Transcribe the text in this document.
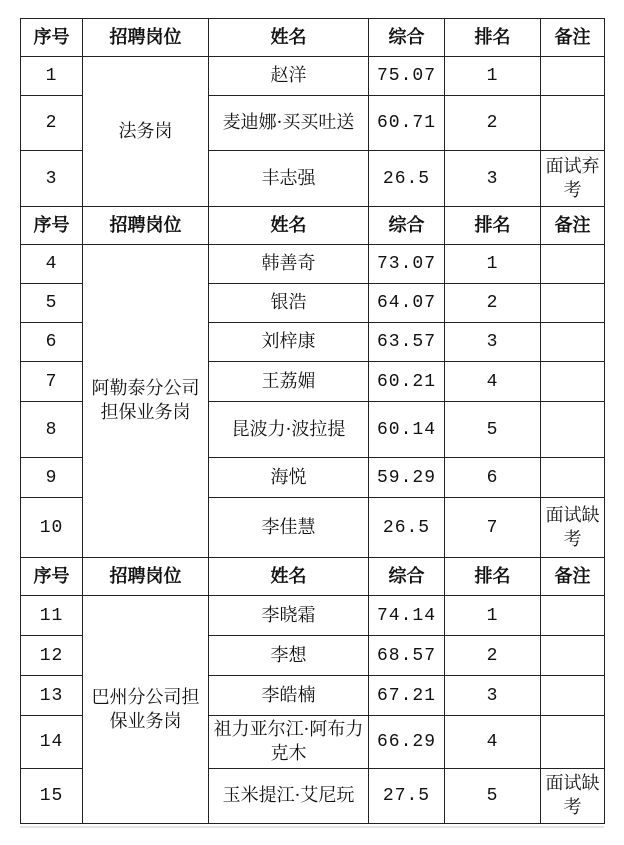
序号	招聘岗位	姓名	综合	排名	备注
1	法务岗	赵洋	75.07	1	
2		麦迪娜·买买吐送	60.71	2	
3		丰志强	26.5	3	面试弃考
序号	招聘岗位	姓名	综合	排名	备注
4	阿勒泰分公司担保业务岗	韩善奇	73.07	1	
5		银浩	64.07	2	
6		刘梓康	63.57	3	
7		王荔媚	60.21	4	
8		昆波力·波拉提	60.14	5	
9		海悦	59.29	6	
10		李佳慧	26.5	7	面试缺考
序号	招聘岗位	姓名	综合	排名	备注
11	巴州分公司担保业务岗	李晓霜	74.14	1	
12		李想	68.57	2	
13		李皓楠	67.21	3	
14		祖力亚尔江·阿布力克木	66.29	4	
15		玉米提江·艾尼玩	27.5	5	面试缺考
